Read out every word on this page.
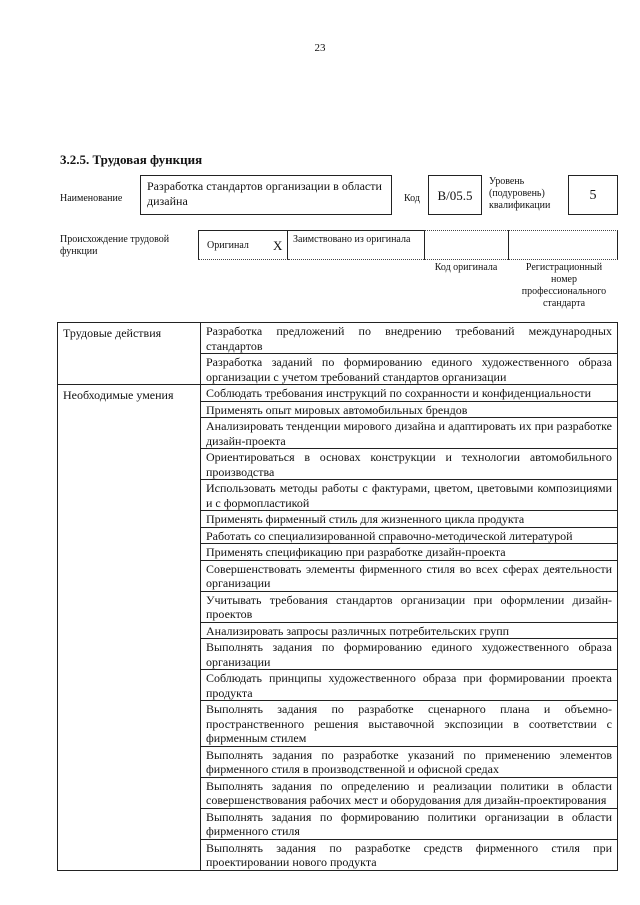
23
3.2.5. Трудовая функция
Наименование
Разработка стандартов организации в области дизайна	Код	B/05.5
Уровень (подуровень) квалификации
5
Происхождение трудовой функции
Оригинал X Заимствовано из оригинала
Код оригинала	Регистрационный номер профессионального стандарта
Трудовые действия	Разработка предложений по внедрению требований международных стандартов
	Разработка заданий по формированию единого художественного образа организации с учетом требований стандартов организации
Необходимые умения	Соблюдать требования инструкций по сохранности и конфиденциальности
	Применять опыт мировых автомобильных брендов
	Анализировать тенденции мирового дизайна и адаптировать их при разработке дизайн-проекта
	Ориентироваться в основах конструкции и технологии автомобильного производства
	Использовать методы работы с фактурами, цветом, цветовыми композициями и с формопластикой
	Применять фирменный стиль для жизненного цикла продукта
	Работать со специализированной справочно-методической литературой
	Применять спецификацию при разработке дизайн-проекта
	Совершенствовать элементы фирменного стиля во всех сферах деятельности организации
	Учитывать требования стандартов организации при оформлении дизайн-проектов
	Анализировать запросы различных потребительских групп
	Выполнять задания по формированию единого художественного образа организации
	Соблюдать принципы художественного образа при формировании проекта продукта
	Выполнять задания по разработке сценарного плана и объемно-пространственного решения выставочной экспозиции в соответствии с фирменным стилем
	Выполнять задания по разработке указаний по применению элементов фирменного стиля в производственной и офисной средах
	Выполнять задания по определению и реализации политики в области совершенствования рабочих мест и оборудования для дизайн-проектирования
	Выполнять задания по формированию политики организации в области фирменного стиля
	Выполнять задания по разработке средств фирменного стиля при проектировании нового продукта
